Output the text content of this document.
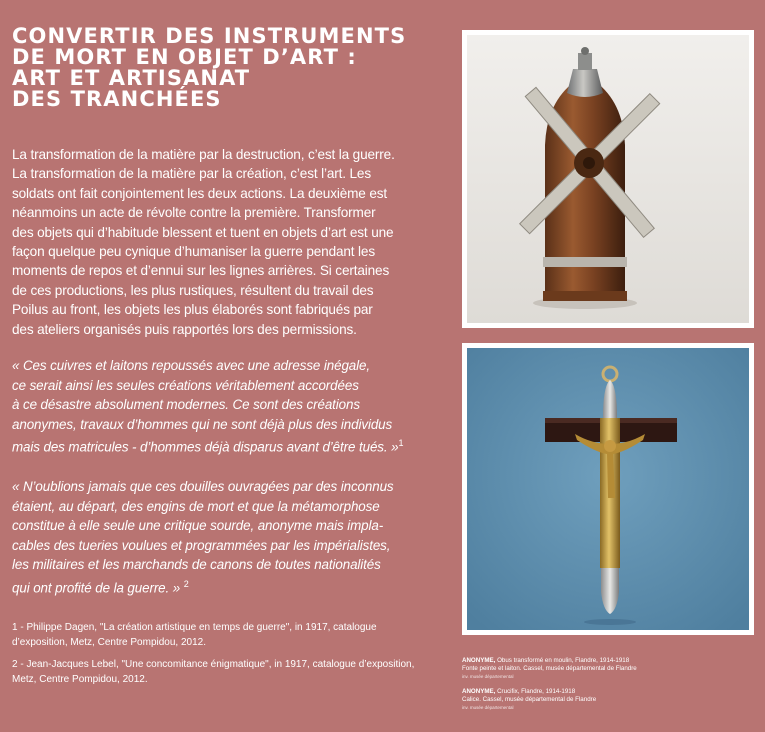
CONVERTIR DES INSTRUMENTS
DE MORT EN OBJET D’ART :
ART ET ARTISANAT
DES TRANCHÉES
La transformation de la matière par la destruction, c’est la guerre.
La transformation de la matière par la création, c’est l’art. Les
soldats ont fait conjointement les deux actions. La deuxième est
néanmoins un acte de révolte contre la première. Transformer
des objets qui d’habitude blessent et tuent en objets d’art est une
façon quelque peu cynique d’humaniser la guerre pendant les
moments de repos et d’ennui sur les lignes arrières. Si certaines
de ces productions, les plus rustiques, résultent du travail des
Poilus au front, les objets les plus élaborés sont fabriqués par
des ateliers organisés puis rapportés lors des permissions.
« Ces cuivres et laitons repoussés avec une adresse inégale,
ce serait ainsi les seules créations véritablement accordées
à ce désastre absolument modernes. Ce sont des créations
anonymes, travaux d’hommes qui ne sont déjà plus des individus
mais des matricules - d’hommes déjà disparus avant d’être tués. »$^1$
« N’oublions jamais que ces douilles ouvragées par des inconnus
étaient, au départ, des engins de mort et que la métamorphose
constitue à elle seule une critique sourde, anonyme mais impla-
cables des tueries voulues et programmées par les impérialistes,
les militaires et les marchands de canons de toutes nationalités
qui ont profité de la guerre. » $^2$

1 - Philippe Dagen, "La création artistique en temps de guerre", in 1917, catalogue
d’exposition, Metz, Centre Pompidou, 2012.

2 - Jean-Jacques Lebel, "Une concomitance énigmatique", in 1917, catalogue d’exposition,
Metz, Centre Pompidou, 2012.

ANONYME, Obus transformé en moulin, Flandre, 1914-1918
Fonte peinte et laiton. Cassel, musée départemental de Flandre
inv. musée départemental

ANONYME, Crucifix, Flandre, 1914-1918
Calice. Cassel, musée départemental de Flandre
inv. musée départemental
